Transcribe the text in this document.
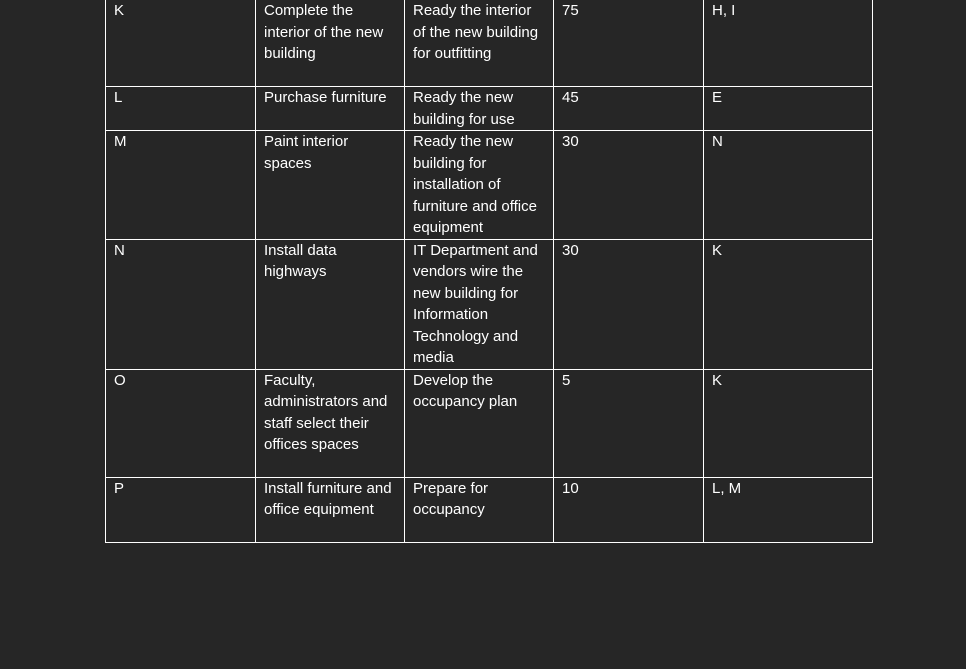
K	Complete the interior of the new building	Ready the interior of the new building for outfitting	75	H, I
L	Purchase furniture	Ready the new building for use	45	E
M	Paint interior spaces	Ready the new building for installation of furniture and office equipment	30	N
N	Install data highways	IT Department and vendors wire the new building for Information Technology and media	30	K
O	Faculty, administrators and staff select their offices spaces	Develop the occupancy plan	5	K
P	Install furniture and office equipment	Prepare for occupancy	10	L, M
